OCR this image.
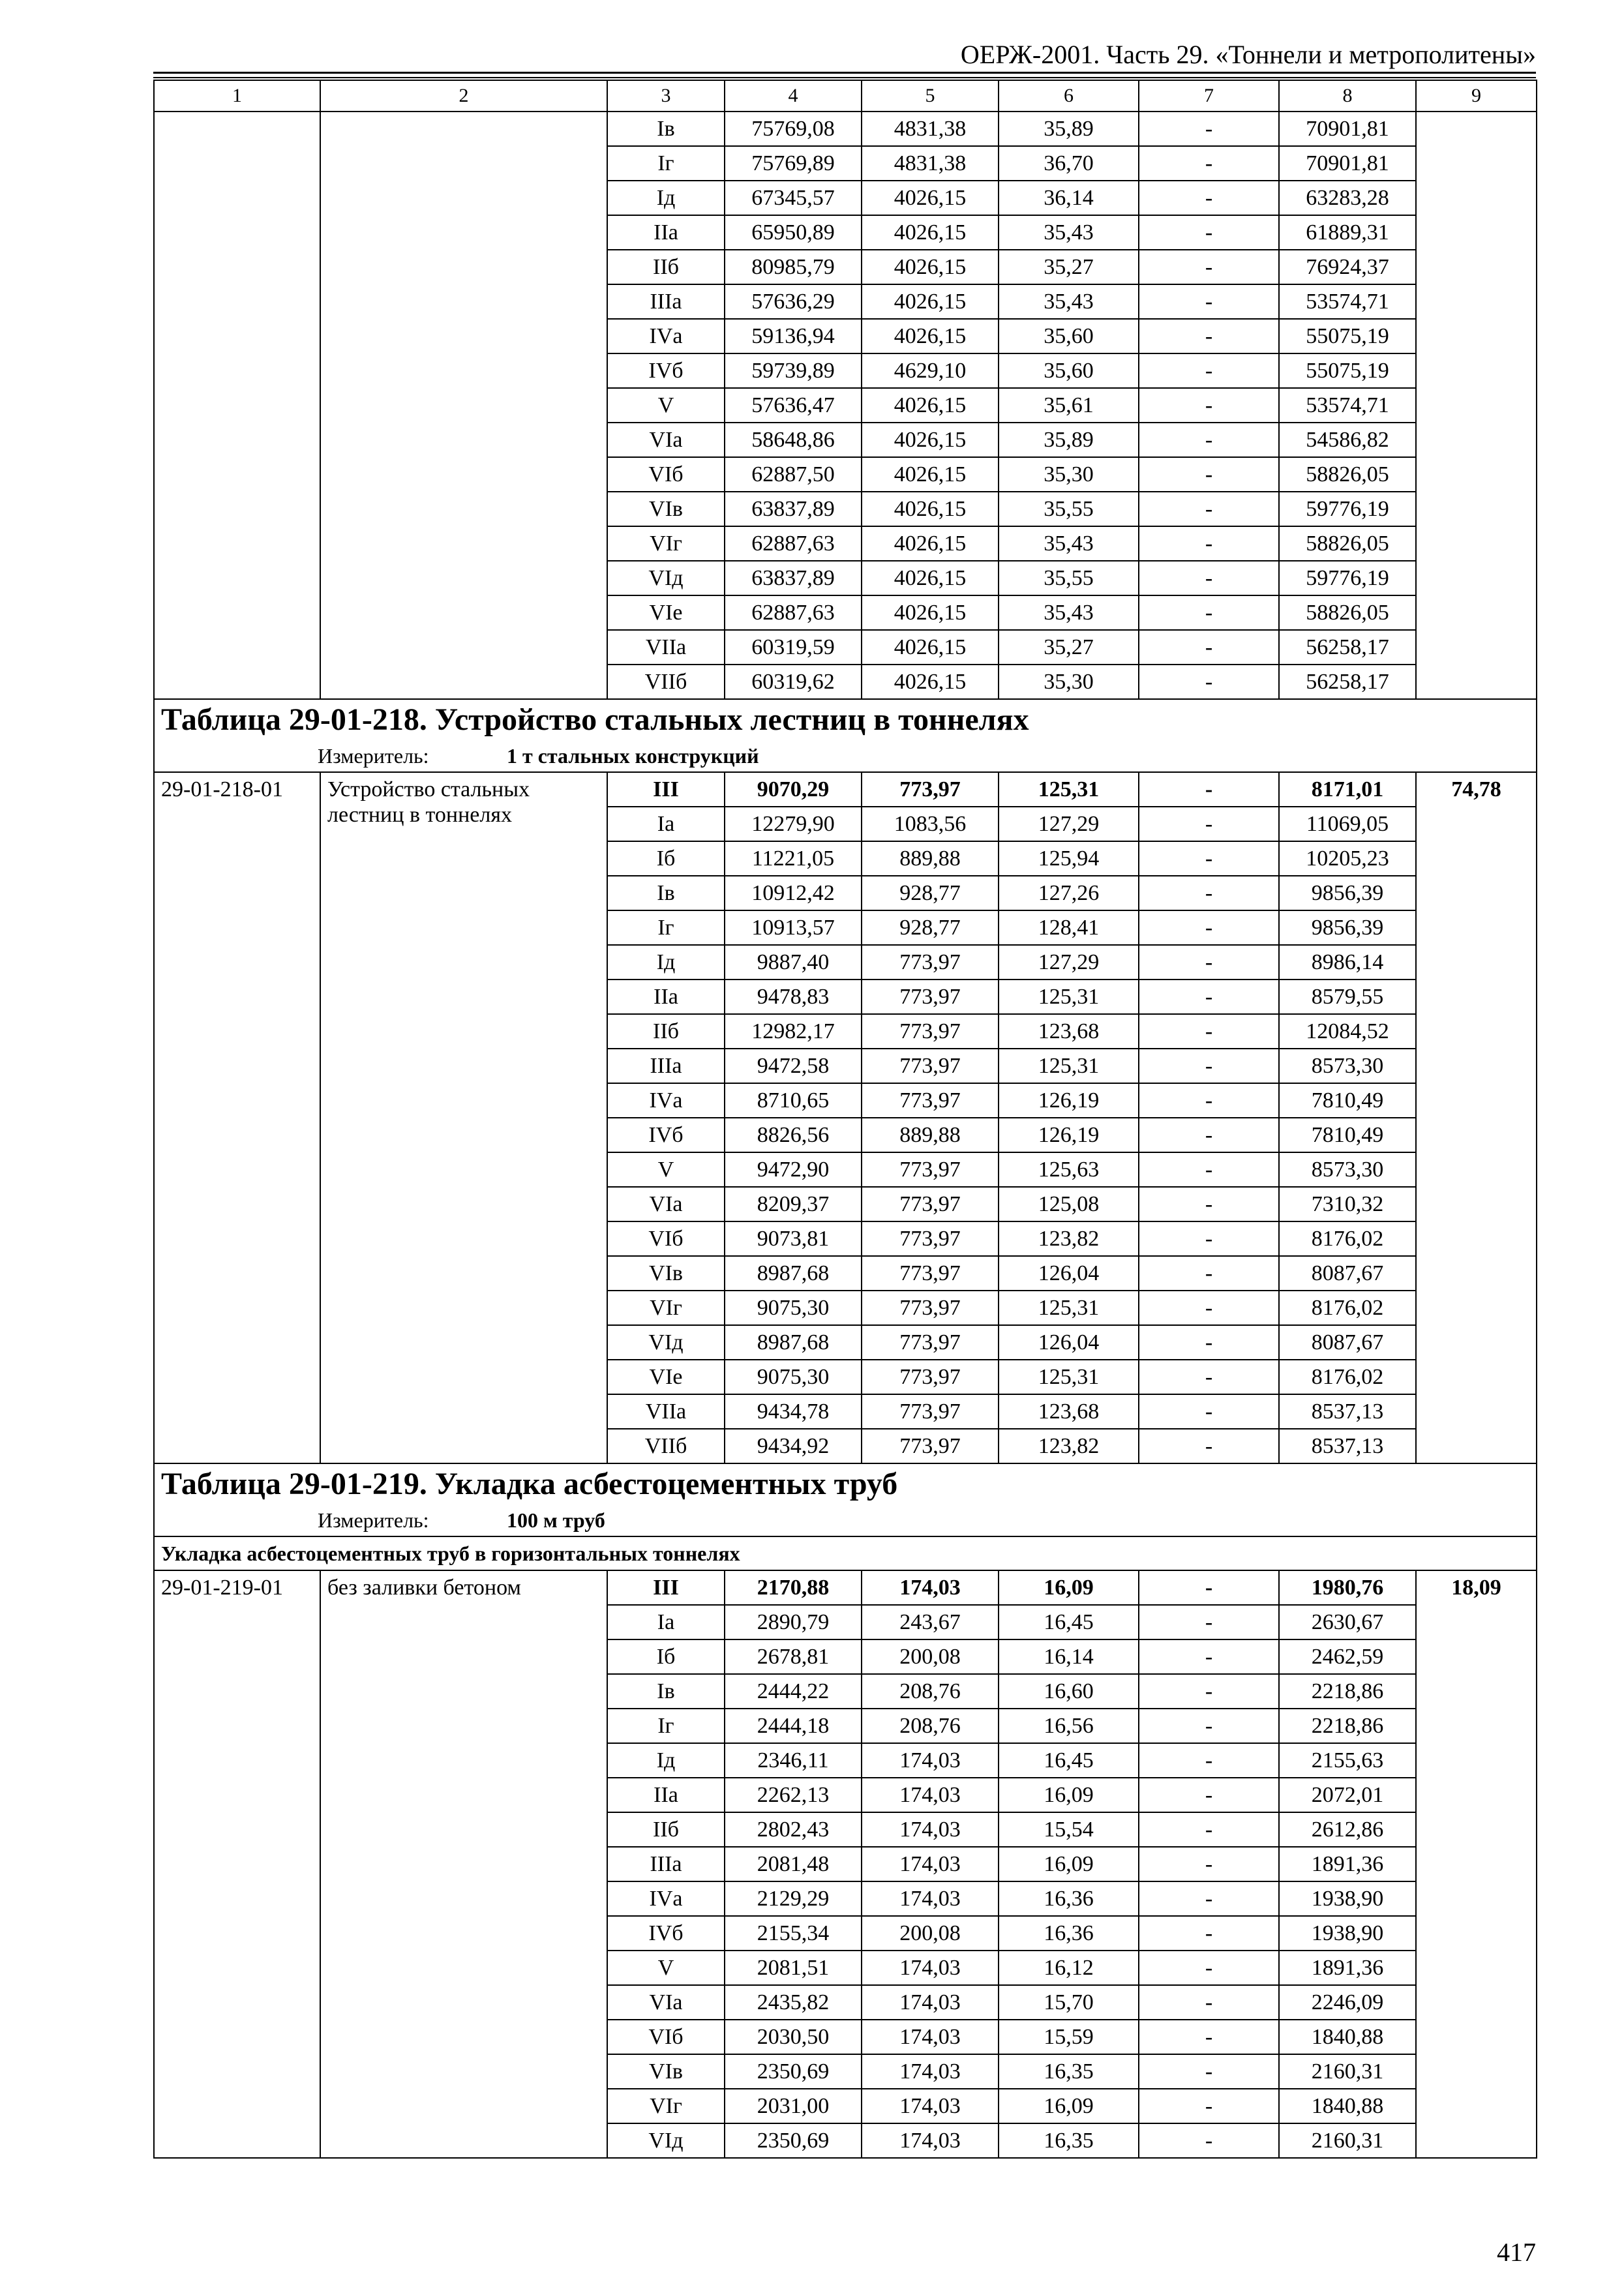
ОЕРЖ-2001. Часть 29. «Тоннели и метрополитены»
1	2	3	4	5	6	7	8	9
		Iв	75769,08	4831,38	35,89	-	70901,81	
		Iг	75769,89	4831,38	36,70	-	70901,81	
		Iд	67345,57	4026,15	36,14	-	63283,28	
		IIа	65950,89	4026,15	35,43	-	61889,31	
		IIб	80985,79	4026,15	35,27	-	76924,37	
		IIIа	57636,29	4026,15	35,43	-	53574,71	
		IVа	59136,94	4026,15	35,60	-	55075,19	
		IVб	59739,89	4629,10	35,60	-	55075,19	
		V	57636,47	4026,15	35,61	-	53574,71	
		VIа	58648,86	4026,15	35,89	-	54586,82	
		VIб	62887,50	4026,15	35,30	-	58826,05	
		VIв	63837,89	4026,15	35,55	-	59776,19	
		VIг	62887,63	4026,15	35,43	-	58826,05	
		VIд	63837,89	4026,15	35,55	-	59776,19	
		VIе	62887,63	4026,15	35,43	-	58826,05	
		VIIа	60319,59	4026,15	35,27	-	56258,17	
		VIIб	60319,62	4026,15	35,30	-	56258,17	
Таблица 29-01-218. Устройство стальных лестниц в тоннелях								
Измеритель: 1 т стальных конструкций								
29-01-218-01	Устройство стальных лестниц в тоннелях	III	9070,29	773,97	125,31	-	8171,01	74,78
		Iа	12279,90	1083,56	127,29	-	11069,05	
		Iб	11221,05	889,88	125,94	-	10205,23	
		Iв	10912,42	928,77	127,26	-	9856,39	
		Iг	10913,57	928,77	128,41	-	9856,39	
		Iд	9887,40	773,97	127,29	-	8986,14	
		IIа	9478,83	773,97	125,31	-	8579,55	
		IIб	12982,17	773,97	123,68	-	12084,52	
		IIIа	9472,58	773,97	125,31	-	8573,30	
		IVа	8710,65	773,97	126,19	-	7810,49	
		IVб	8826,56	889,88	126,19	-	7810,49	
		V	9472,90	773,97	125,63	-	8573,30	
		VIа	8209,37	773,97	125,08	-	7310,32	
		VIб	9073,81	773,97	123,82	-	8176,02	
		VIв	8987,68	773,97	126,04	-	8087,67	
		VIг	9075,30	773,97	125,31	-	8176,02	
		VIд	8987,68	773,97	126,04	-	8087,67	
		VIе	9075,30	773,97	125,31	-	8176,02	
		VIIа	9434,78	773,97	123,68	-	8537,13	
		VIIб	9434,92	773,97	123,82	-	8537,13	
Таблица 29-01-219. Укладка асбестоцементных труб								
Измеритель: 100 м труб								
Укладка асбестоцементных труб в горизонтальных тоннелях								
29-01-219-01	без заливки бетоном	III	2170,88	174,03	16,09	-	1980,76	18,09
		Iа	2890,79	243,67	16,45	-	2630,67	
		Iб	2678,81	200,08	16,14	-	2462,59	
		Iв	2444,22	208,76	16,60	-	2218,86	
		Iг	2444,18	208,76	16,56	-	2218,86	
		Iд	2346,11	174,03	16,45	-	2155,63	
		IIа	2262,13	174,03	16,09	-	2072,01	
		IIб	2802,43	174,03	15,54	-	2612,86	
		IIIа	2081,48	174,03	16,09	-	1891,36	
		IVа	2129,29	174,03	16,36	-	1938,90	
		IVб	2155,34	200,08	16,36	-	1938,90	
		V	2081,51	174,03	16,12	-	1891,36	
		VIа	2435,82	174,03	15,70	-	2246,09	
		VIб	2030,50	174,03	15,59	-	1840,88	
		VIв	2350,69	174,03	16,35	-	2160,31	
		VIг	2031,00	174,03	16,09	-	1840,88	
		VIд	2350,69	174,03	16,35	-	2160,31	
417
